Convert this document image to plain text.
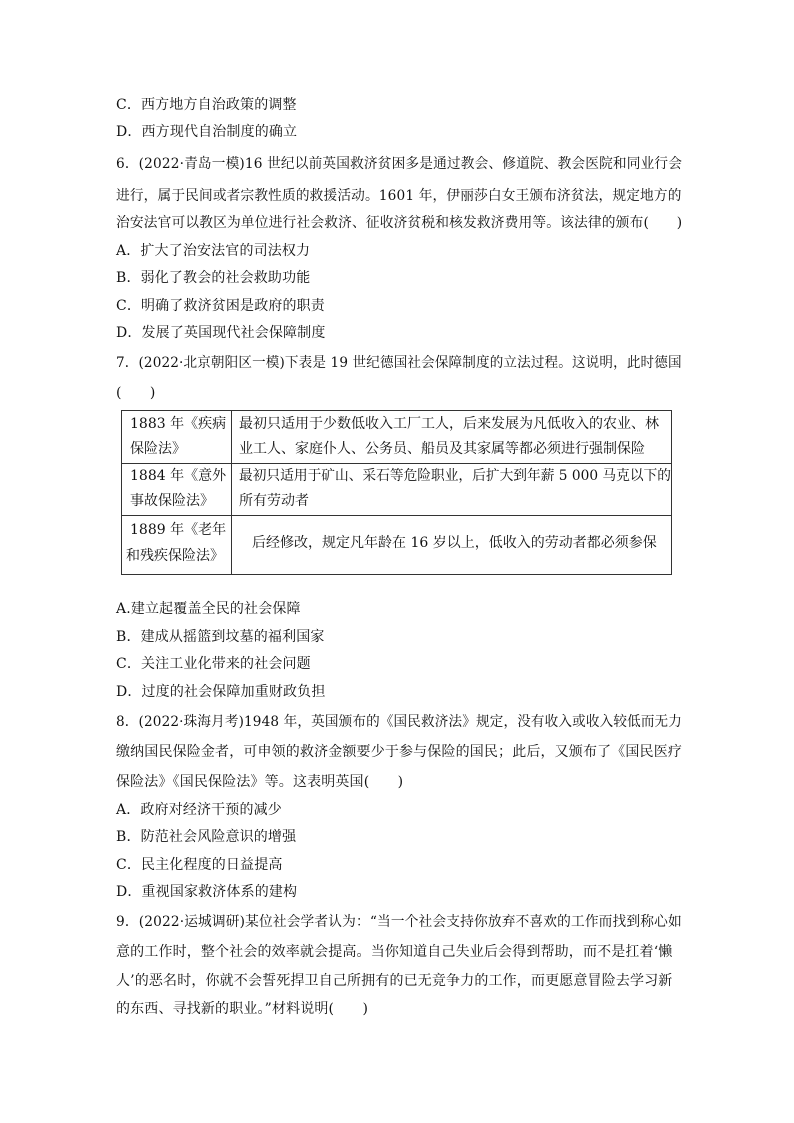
C．西方地方自治政策的调整
D．西方现代自治制度的确立
6．(2022·青岛一模)16 世纪以前英国救济贫困多是通过教会、修道院、教会医院和同业行会
进行，属于民间或者宗教性质的救援活动。1601 年，伊丽莎白女王颁布济贫法，规定地方的
治安法官可以教区为单位进行社会救济、征收济贫税和核发救济费用等。该法律的颁布(　　)
A．扩大了治安法官的司法权力
B．弱化了教会的社会救助功能
C．明确了救济贫困是政府的职责
D．发展了英国现代社会保障制度
7．(2022·北京朝阳区一模)下表是 19 世纪德国社会保障制度的立法过程。这说明，此时德国
(　　)
1883 年《疾病
保险法》
最初只适用于少数低收入工厂工人，后来发展为凡低收入的农业、林
业工人、家庭仆人、公务员、船员及其家属等都必须进行强制保险
1884 年《意外
事故保险法》
最初只适用于矿山、采石等危险职业，后扩大到年薪 5 000 马克以下的
所有劳动者
1889 年《老年
和残疾保险法》
后经修改，规定凡年龄在 16 岁以上，低收入的劳动者都必须参保
A.建立起覆盖全民的社会保障
B．建成从摇篮到坟墓的福利国家
C．关注工业化带来的社会问题
D．过度的社会保障加重财政负担
8．(2022·珠海月考)1948 年，英国颁布的《国民救济法》规定，没有收入或收入较低而无力
缴纳国民保险金者，可申领的救济金额要少于参与保险的国民；此后，又颁布了《国民医疗
保险法》《国民保险法》等。这表明英国(　　)
A．政府对经济干预的减少
B．防范社会风险意识的增强
C．民主化程度的日益提高
D．重视国家救济体系的建构
9．(2022·运城调研)某位社会学者认为：“当一个社会支持你放弃不喜欢的工作而找到称心如
意的工作时，整个社会的效率就会提高。当你知道自己失业后会得到帮助，而不是扛着‘懒
人’的恶名时，你就不会誓死捍卫自己所拥有的已无竞争力的工作，而更愿意冒险去学习新
的东西、寻找新的职业。”材料说明(　　)
